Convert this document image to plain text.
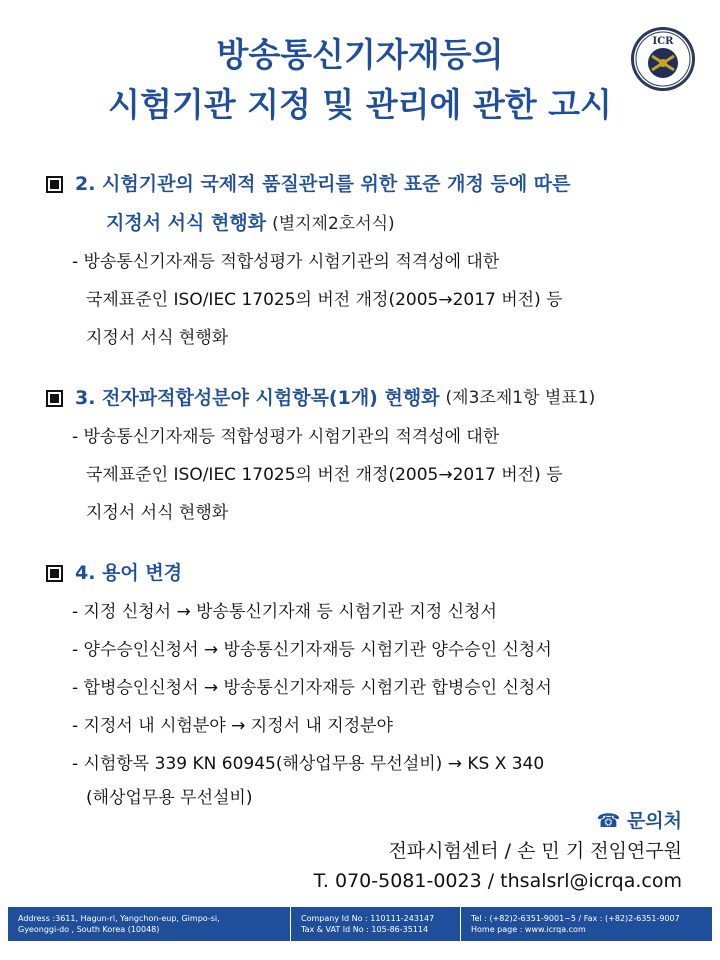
방송통신기자재등의
시험기관 지정 및 관리에 관한 고시
ICR
2. 시험기관의 국제적 품질관리를 위한 표준 개정 등에 따른
지정서 서식 현행화 (별지제2호서식)
- 방송통신기자재등 적합성평가 시험기관의 적격성에 대한
국제표준인 ISO/IEC 17025의 버전 개정(2005→2017 버전) 등
지정서 서식 현행화
3. 전자파적합성분야 시험항목(1개) 현행화 (제3조제1항 별표1)
- 방송통신기자재등 적합성평가 시험기관의 적격성에 대한
국제표준인 ISO/IEC 17025의 버전 개정(2005→2017 버전) 등
지정서 서식 현행화
4. 용어 변경
- 지정 신청서 → 방송통신기자재 등 시험기관 지정 신청서
- 양수승인신청서 → 방송통신기자재등 시험기관 양수승인 신청서
- 합병승인신청서 → 방송통신기자재등 시험기관 합병승인 신청서
- 지정서 내 시험분야 → 지정서 내 지정분야
- 시험항목 339 KN 60945(해상업무용 무선설비) → KS X 340
(해상업무용 무선설비)
☎ 문의처
전파시험센터 / 손 민 기 전임연구원
T. 070-5081-0023 / thsalsrl@icrqa.com
Address :3611, Hagun-ri, Yangchon-eup, Gimpo-si,
Gyeonggi-do , South Korea (10048)
Company Id No : 110111-243147
Tax & VAT Id No : 105-86-35114
Tel : (+82)2-6351-9001~5 / Fax : (+82)2-6351-9007
Home page : www.icrqa.com
